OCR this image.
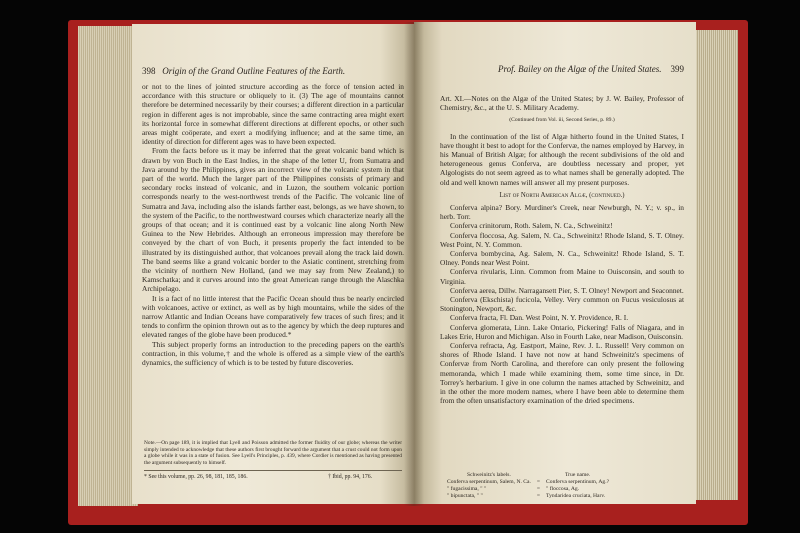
398 Origin of the Grand Outline Features of the Earth.

or not to the lines of jointed structure according as the force of tension acted in accordance with this structure or obliquely to it. (3) The age of mountains cannot therefore be determined necessarily by their courses; a different direction in a particular region in different ages is not improbable, since the same contracting area might exert its horizontal force in somewhat different directions at different epochs, or other such areas might coöperate, and exert a modifying influence; and at the same time, an identity of direction for different ages was to have been expected.

From the facts before us it may be inferred that the great volcanic band which is drawn by von Buch in the East Indies, in the shape of the letter U, from Sumatra and Java around by the Philippines, gives an incorrect view of the volcanic system in that part of the world. Much the larger part of the Philippines consists of primary and secondary rocks instead of volcanic, and in Luzon, the southern volcanic portion corresponds nearly to the west-northwest trends of the Pacific. The volcanic line of Sumatra and Java, including also the islands farther east, belongs, as we have shown, to the system of the Pacific, to the northwestward courses which characterize nearly all the groups of that ocean; and it is continued east by a volcanic line along North New Guinea to the New Hebrides. Although an erroneous impression may therefore be conveyed by the chart of von Buch, it presents properly the fact intended to be illustrated by its distinguished author, that volcanoes prevail along the track laid down. The band seems like a grand volcanic border to the Asiatic continent, stretching from the vicinity of northern New Holland, (and we may say from New Zealand,) to Kamschatka; and it curves around into the great American range through the Alaschka Archipelago.

It is a fact of no little interest that the Pacific Ocean should thus be nearly encircled with volcanoes, active or extinct, as well as by high mountains, while the sides of the narrow Atlantic and Indian Oceans have comparatively few traces of such fires; and it tends to confirm the opinion thrown out as to the agency by which the deep ruptures and elevated ranges of the globe have been produced.*

This subject properly forms an introduction to the preceding papers on the earth's contraction, in this volume,† and the whole is offered as a simple view of the earth's dynamics, the sufficiency of which is to be tested by future discoveries.

Note.—On page 189, it is implied that Lyell and Poisson admitted the former fluidity of our globe; whereas the writer simply intended to acknowledge that these authors first brought forward the argument that a crust could not form upon a globe while it was in a state of fusion. See Lyell's Principles, p. 439, where Cordier is mentioned as having presented the argument subsequently to himself.
* See this volume, pp. 26, 98, 181, 185, 186.	† Ibid, pp. 94, 176.
Prof. Bailey on the Algæ of the United States. 399

Art. XI.—Notes on the Algæ of the United States; by J. W. Bailey, Professor of Chemistry, &c., at the U. S. Military Academy.

(Continued from Vol. iii, Second Series, p. 89.)

In the continuation of the list of Algæ hitherto found in the United States, I have thought it best to adopt for the Confervæ, the names employed by Harvey, in his Manual of British Algæ; for although the recent subdivisions of the old and heterogeneous genus Conferva, are doubtless necessary and proper, yet Algologists do not seem agreed as to what names shall be generally adopted. The old and well known names will answer all my present purposes.

List of North American Algæ, (continued.)

Conferva alpina? Bory. Murdiner's Creek, near Newburgh, N. Y.; v. sp., in herb. Torr.

Conferva crinitorum, Roth. Salem, N. Ca., Schweinitz!

Conferva floccosa, Ag. Salem, N. Ca., Schweinitz! Rhode Island, S. T. Olney. West Point, N. Y. Common.

Conferva bombycina, Ag. Salem, N. Ca., Schweinitz! Rhode Island, S. T. Olney. Ponds near West Point.

Conferva rivularis, Linn. Common from Maine to Ouisconsin, and south to Virginia.

Conferva aerea, Dillw. Narragansett Pier, S. T. Olney! Newport and Seaconnet.

Conferva (Ekschista) fucicola, Velley. Very common on Fucus vesiculosus at Stonington, Newport, &c.

Conferva fracta, Fl. Dan. West Point, N. Y. Providence, R. I.

Conferva glomerata, Linn. Lake Ontario, Pickering! Falls of Niagara, and in Lakes Erie, Huron and Michigan. Also in Fourth Lake, near Madison, Ouisconsin.

Conferva refracta, Ag. Eastport, Maine, Rev. J. L. Russell! Very common on shores of Rhode Island. I have not now at hand Schweinitz's specimens of Confervæ from North Carolina, and therefore can only present the following memoranda, which I made while examining them, some time since, in Dr. Torrey's herbarium. I give in one column the names attached by Schweinitz, and in the other the more modern names, where I have been able to determine them from the often unsatisfactory examination of the dried specimens.

Schweinitz's labels.		True name.
Conferva serpentinum, Salem, N. Ca.	=	Conferva serpentinum, Ag.?
" fugacissima, " "	=	" floccosa, Ag.
" bipunctata, " "	=	Tyndaridea cruciata, Harv.
